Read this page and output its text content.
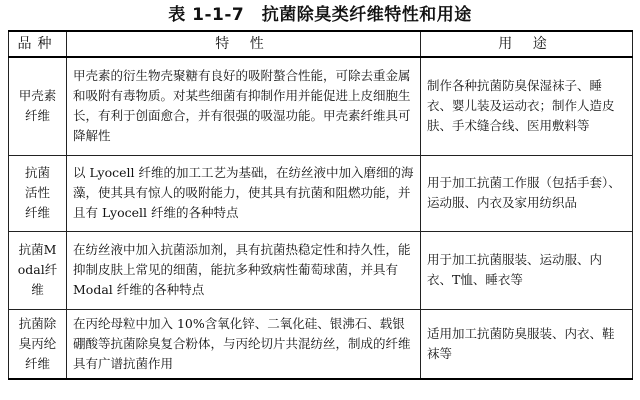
表 1-1-7　抗菌除臭类纤维特性和用途
品种	特 性	用 途
甲壳素纤维	甲壳素的衍生物壳聚糖有良好的吸附螯合性能，可除去重金属和吸附有毒物质。对某些细菌有抑制作用并能促进上皮细胞生长，有利于创面愈合，并有很强的吸湿功能。甲壳素纤维具可降解性	制作各种抗菌防臭保湿袜子、睡衣、婴儿装及运动衣；制作人造皮肤、手术缝合线、医用敷料等
抗菌活性纤维	以 Lyocell 纤维的加工工艺为基础，在纺丝液中加入磨细的海藻，使其具有惊人的吸附能力，使其具有抗菌和阻燃功能，并且有 Lyocell 纤维的各种特点	用于加工抗菌工作服（包括手套）、运动服、内衣及家用纺织品
抗菌Modal纤维	在纺丝液中加入抗菌添加剂，具有抗菌热稳定性和持久性，能抑制皮肤上常见的细菌，能抗多种致病性葡萄球菌，并具有 Modal 纤维的各种特点	用于加工抗菌服装、运动服、内衣、T恤、睡衣等
抗菌除臭丙纶纤维	在丙纶母粒中加入 10%含氧化锌、二氧化硅、银沸石、载银硼酸等抗菌除臭复合粉体，与丙纶切片共混纺丝，制成的纤维具有广谱抗菌作用	适用加工抗菌防臭服装、内衣、鞋袜等
